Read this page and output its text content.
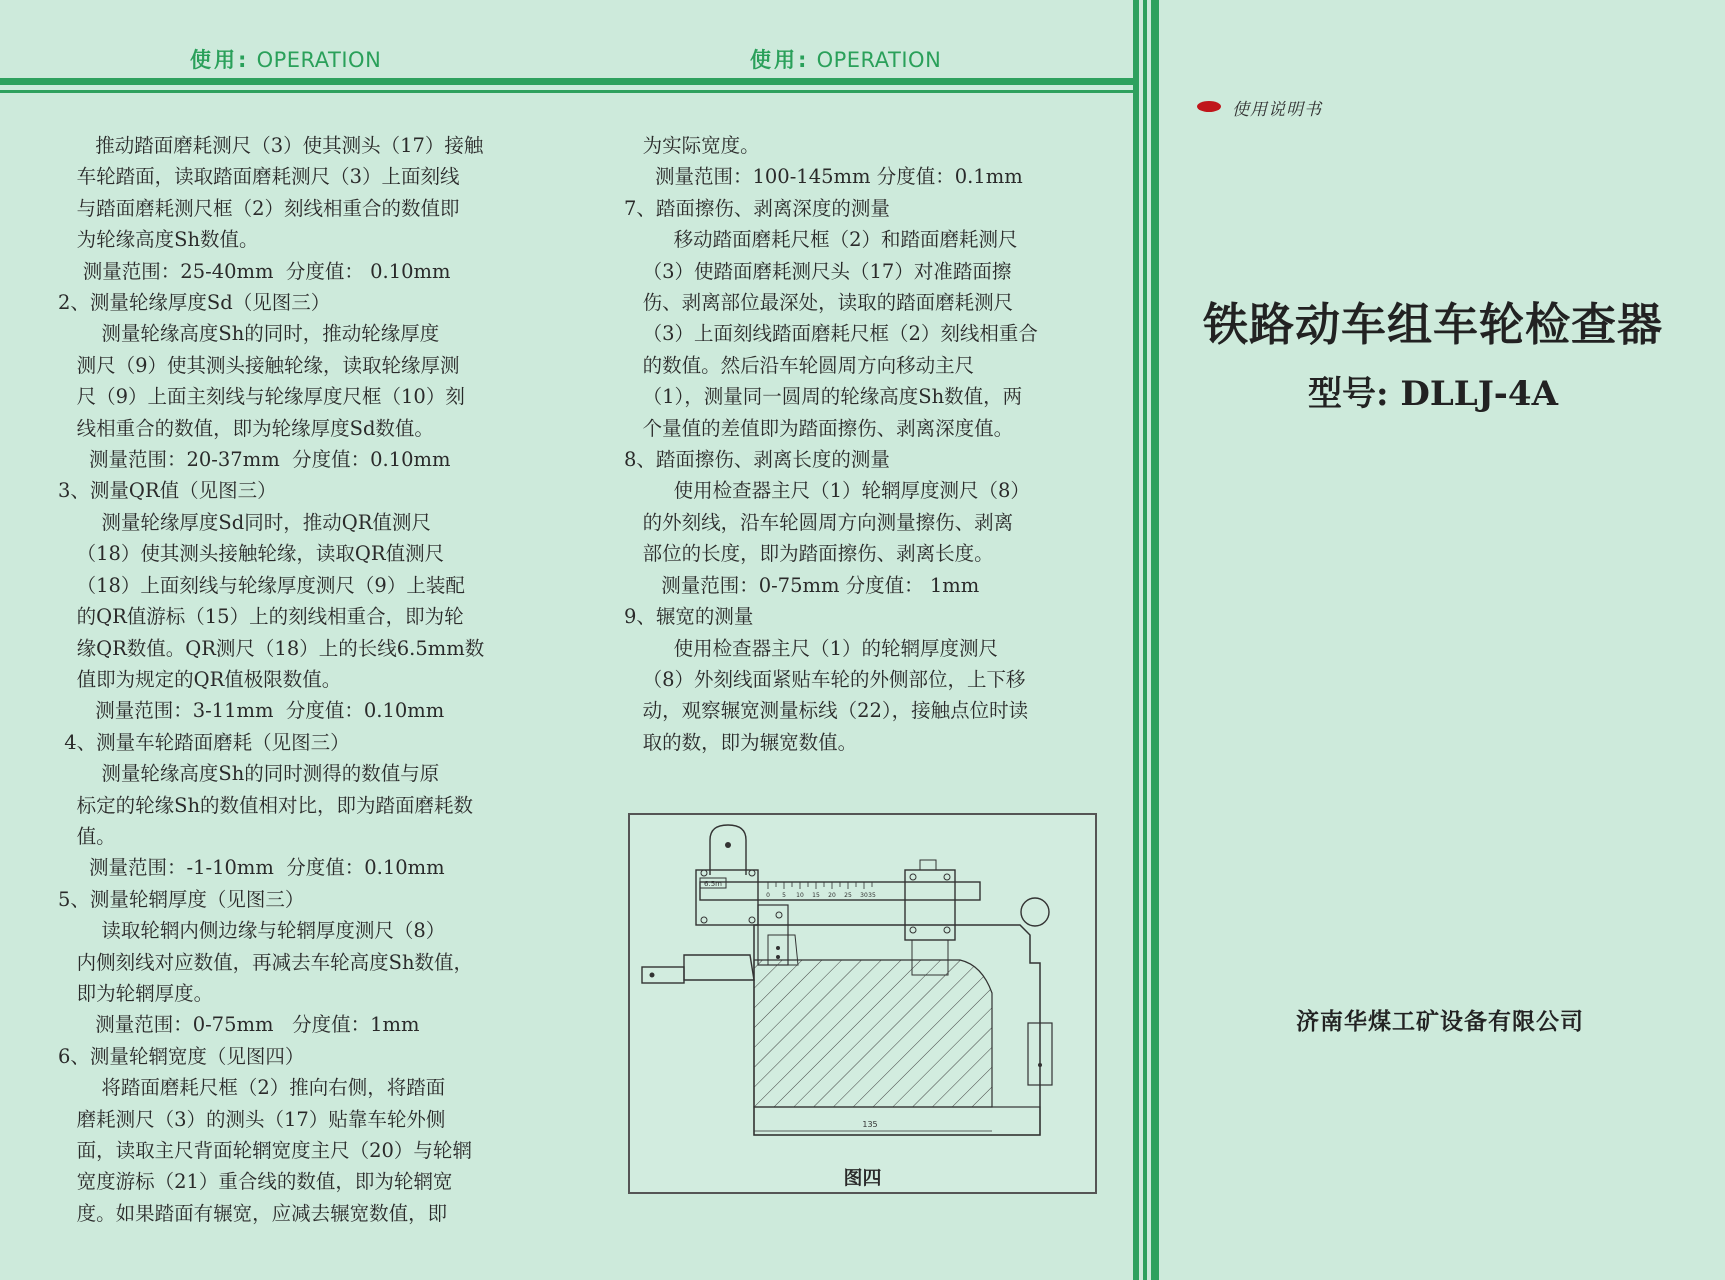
使用: OPERATION	使用: OPERATION

推动踏面磨耗测尺（3）使其测头（17）接触

车轮踏面，读取踏面磨耗测尺（3）上面刻线

与踏面磨耗测尺框（2）刻线相重合的数值即

为轮缘高度Sh数值。

测量范围：25-40mm  分度值： 0.10mm

2、测量轮缘厚度Sd（见图三）

测量轮缘高度Sh的同时，推动轮缘厚度

测尺（9）使其测头接触轮缘，读取轮缘厚测

尺（9）上面主刻线与轮缘厚度尺框（10）刻

线相重合的数值，即为轮缘厚度Sd数值。

测量范围：20-37mm  分度值：0.10mm

3、测量QR值（见图三）

测量轮缘厚度Sd同时，推动QR值测尺

（18）使其测头接触轮缘，读取QR值测尺

（18）上面刻线与轮缘厚度测尺（9）上装配

的QR值游标（15）上的刻线相重合，即为轮

缘QR数值。QR测尺（18）上的长线6.5mm数

值即为规定的QR值极限数值。

测量范围：3-11mm  分度值：0.10mm

4、测量车轮踏面磨耗（见图三）

测量轮缘高度Sh的同时测得的数值与原

标定的轮缘Sh的数值相对比，即为踏面磨耗数

值。

测量范围：-1-10mm  分度值：0.10mm

5、测量轮辋厚度（见图三）

读取轮辋内侧边缘与轮辋厚度测尺（8）

内侧刻线对应数值，再减去车轮高度Sh数值，

即为轮辋厚度。

测量范围：0-75mm   分度值：1mm

6、测量轮辋宽度（见图四）

将踏面磨耗尺框（2）推向右侧，将踏面

磨耗测尺（3）的测头（17）贴靠车轮外侧

面，读取主尺背面轮辋宽度主尺（20）与轮辋

宽度游标（21）重合线的数值，即为轮辋宽

度。如果踏面有辗宽，应减去辗宽数值，即

为实际宽度。

测量范围：100-145mm 分度值：0.1mm

7、踏面擦伤、剥离深度的测量

移动踏面磨耗尺框（2）和踏面磨耗测尺

（3）使踏面磨耗测尺头（17）对准踏面擦

伤、剥离部位最深处，读取的踏面磨耗测尺

（3）上面刻线踏面磨耗尺框（2）刻线相重合

的数值。然后沿车轮圆周方向移动主尺

（1），测量同一圆周的轮缘高度Sh数值，两

个量值的差值即为踏面擦伤、剥离深度值。

8、踏面擦伤、剥离长度的测量

使用检查器主尺（1）轮辋厚度测尺（8）

的外刻线，沿车轮圆周方向测量擦伤、剥离

部位的长度，即为踏面擦伤、剥离长度。

测量范围：0-75mm 分度值： 1mm

9、辗宽的测量

使用检查器主尺（1）的轮辋厚度测尺

（8）外刻线面紧贴车轮的外侧部位，上下移

动，观察辗宽测量标线（22），接触点位时读

取的数，即为辗宽数值。

135
6.5m
0 5 10 15 20 25 30 35
图四
使用说明书
铁路动车组车轮检查器
型号: DLLJ-4A
济南华煤工矿设备有限公司
